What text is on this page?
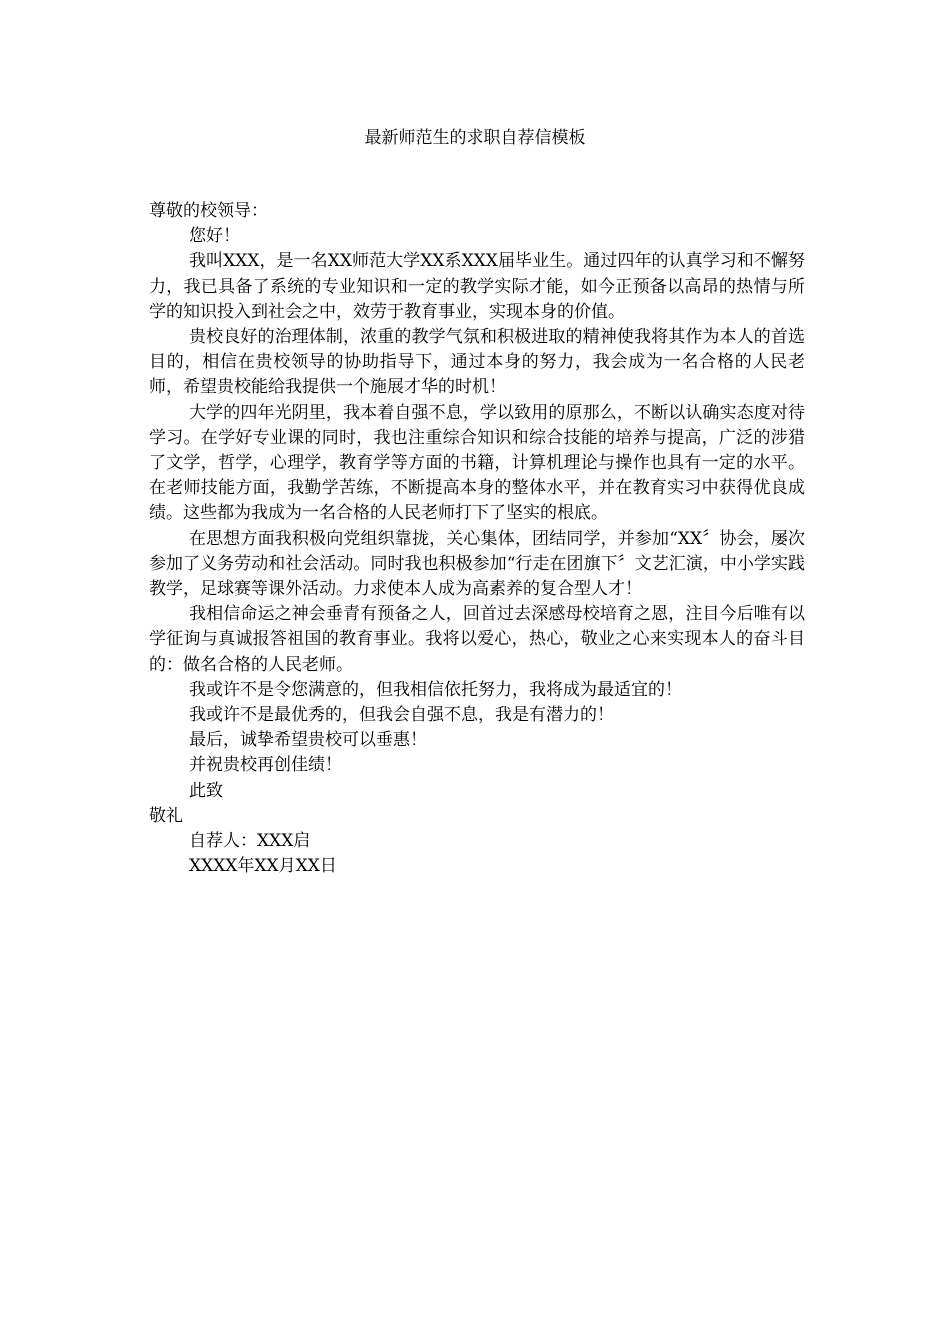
最新师范生的求职自荐信模板

尊敬的校领导：

您好！

我叫XXX，是一名XX师范大学XX系XXX届毕业生。通过四年的认真学习和不懈努力，我已具备了系统的专业知识和一定的教学实际才能，如今正预备以高昂的热情与所学的知识投入到社会之中，效劳于教育事业，实现本身的价值。

贵校良好的治理体制，浓重的教学气氛和积极进取的精神使我将其作为本人的首选目的，相信在贵校领导的协助指导下，通过本身的努力，我会成为一名合格的人民老师，希望贵校能给我提供一个施展才华的时机！

大学的四年光阴里，我本着自强不息，学以致用的原那么，不断以认确实态度对待学习。在学好专业课的同时，我也注重综合知识和综合技能的培养与提高，广泛的涉猎了文学，哲学，心理学，教育学等方面的书籍，计算机理论与操作也具有一定的水平。在老师技能方面，我勤学苦练，不断提高本身的整体水平，并在教育实习中获得优良成绩。这些都为我成为一名合格的人民老师打下了坚实的根底。

在思想方面我积极向党组织靠拢，关心集体，团结同学，并参加“XX〞协会，屡次参加了义务劳动和社会活动。同时我也积极参加“行走在团旗下〞文艺汇演，中小学实践教学，足球赛等课外活动。力求使本人成为高素养的复合型人才！

我相信命运之神会垂青有预备之人，回首过去深感母校培育之恩，注目今后唯有以学征询与真诚报答祖国的教育事业。我将以爱心，热心，敬业之心来实现本人的奋斗目的：做名合格的人民老师。

我或许不是令您满意的，但我相信依托努力，我将成为最适宜的！

我或许不是最优秀的，但我会自强不息，我是有潜力的！

最后，诚挚希望贵校可以垂惠！

并祝贵校再创佳绩！

此致

敬礼

自荐人：XXX启

XXXX年XX月XX日
